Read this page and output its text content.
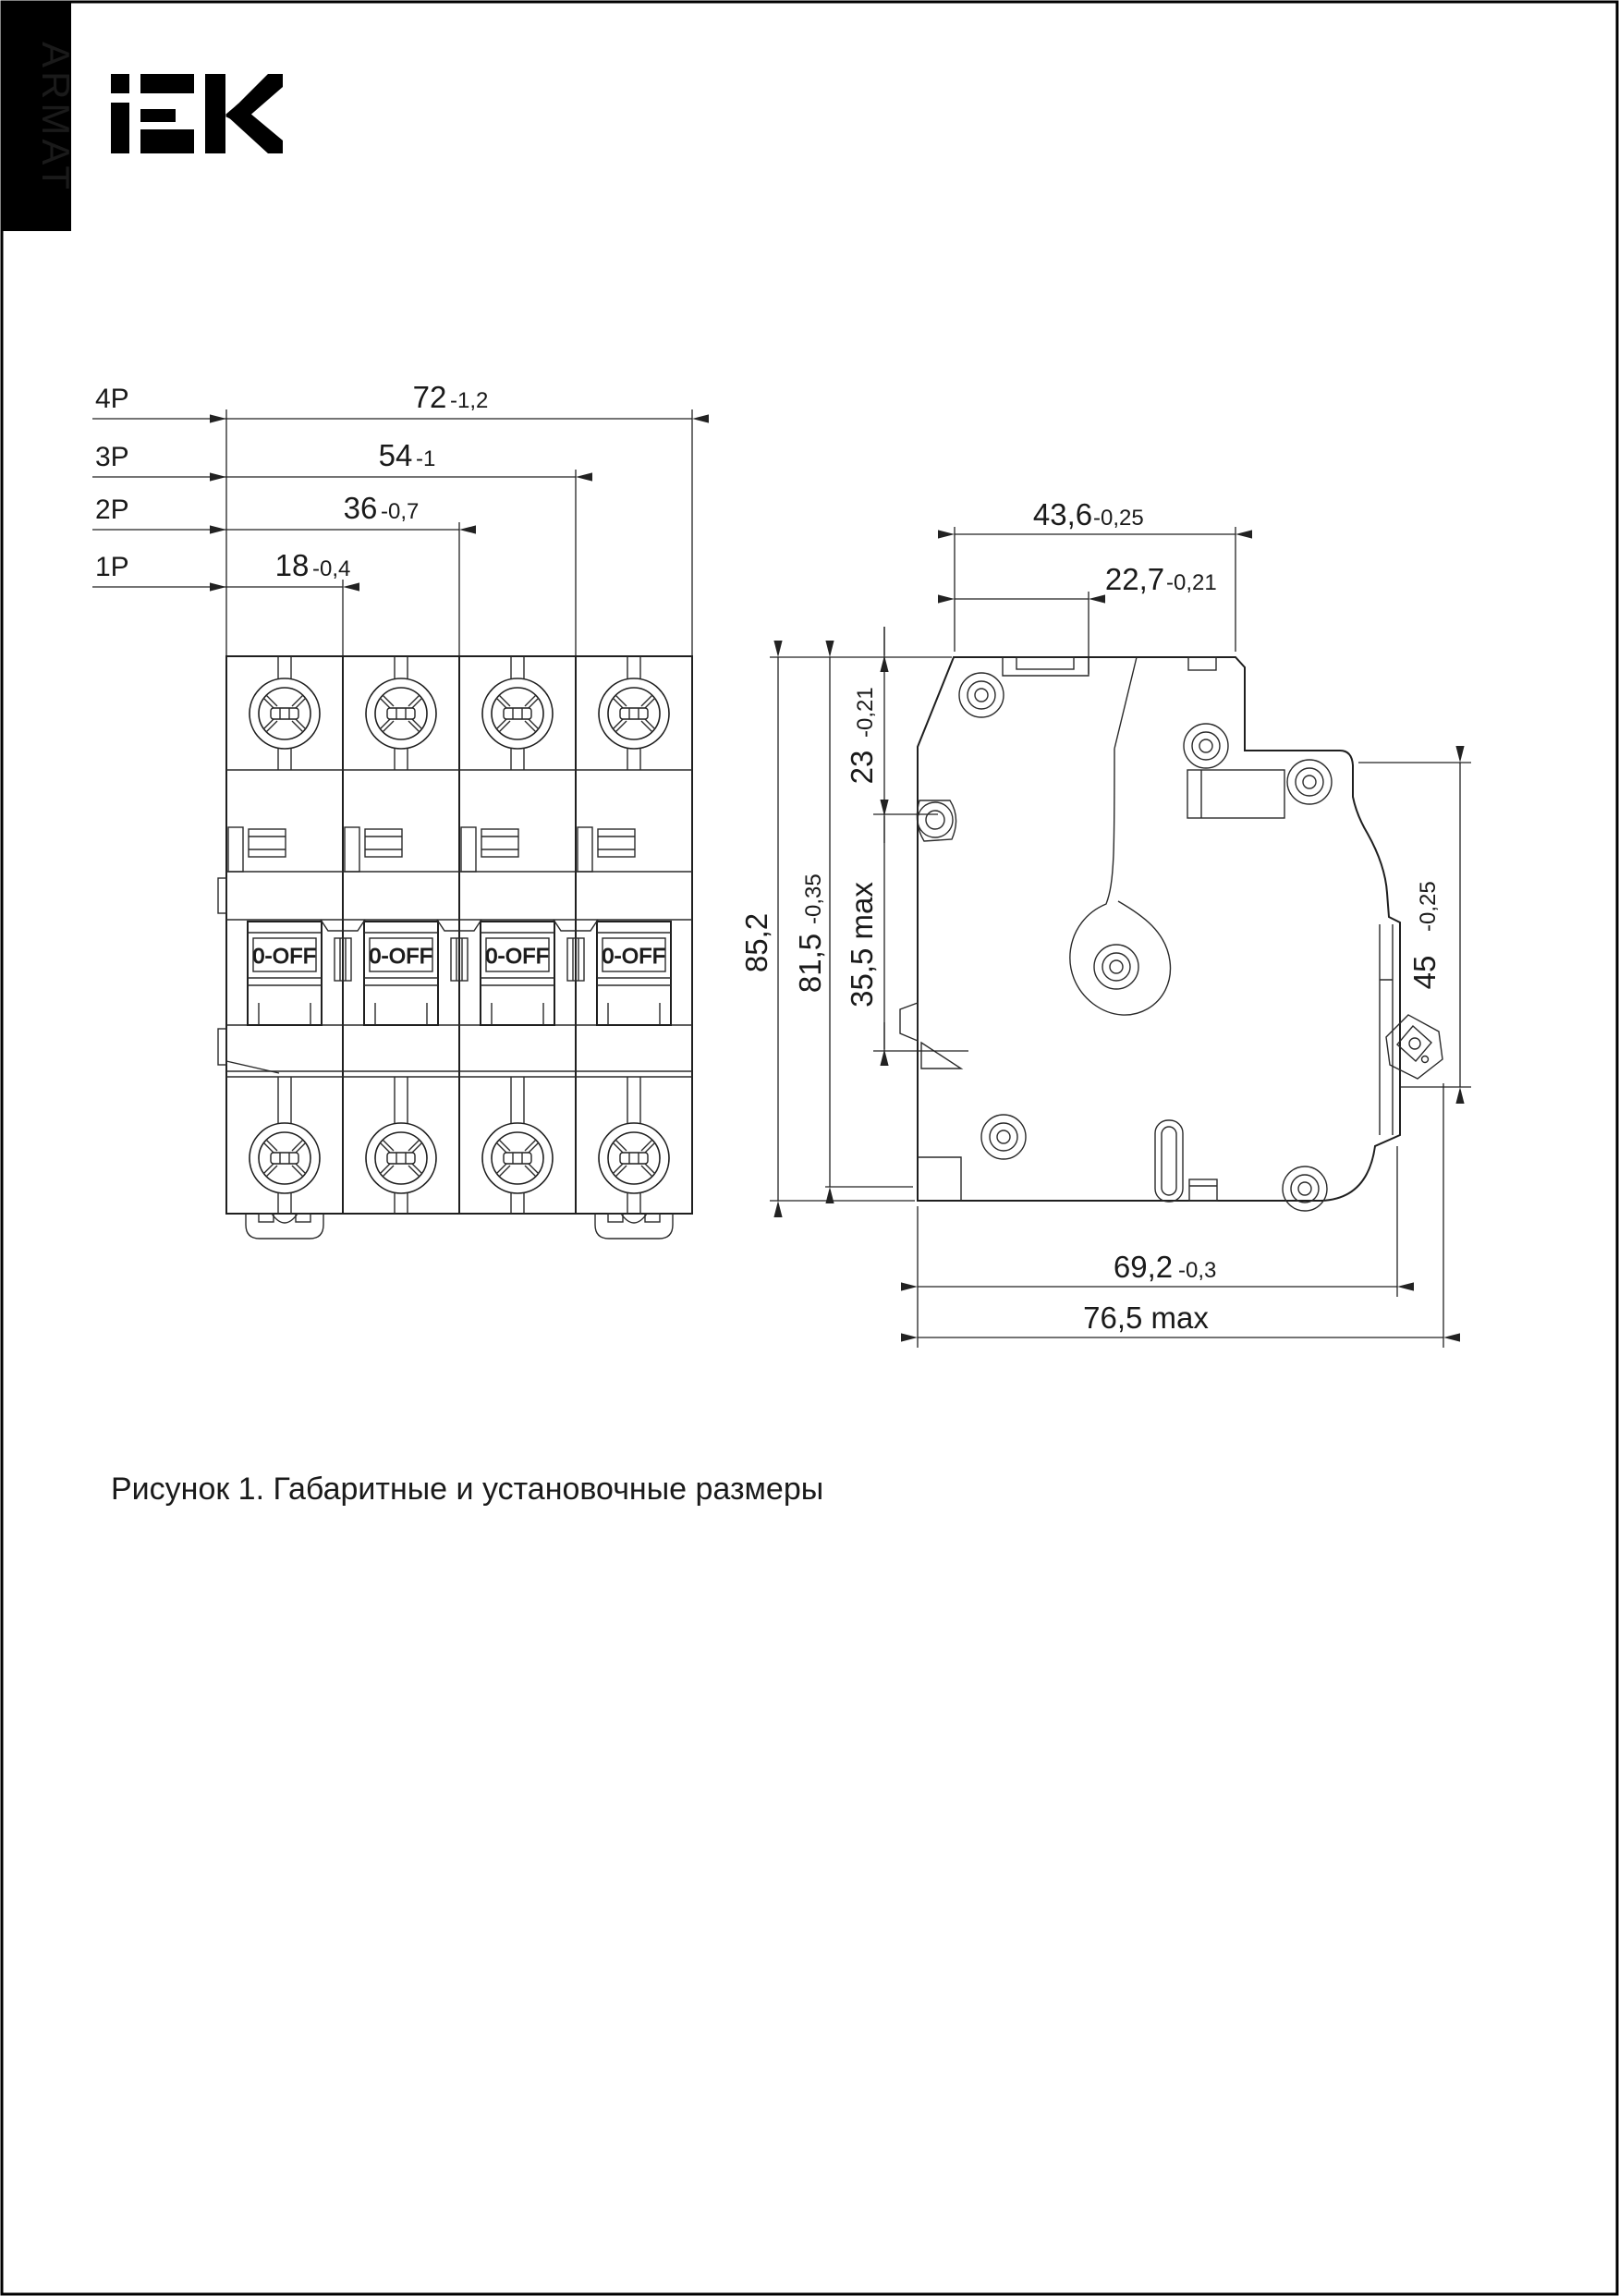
0-OFF
ARMAT
4P	72 -1,2
3P	54 -1
2P	36 -0,7
1P	18 -0,4
43,6 -0,25
22,7 -0,21
85,2 81,5
-0,35
23
-0,21
35,5 max	45
-0,25
69,2 -0,3
76,5 max
Рисунок 1. Габаритные и установочные размеры
